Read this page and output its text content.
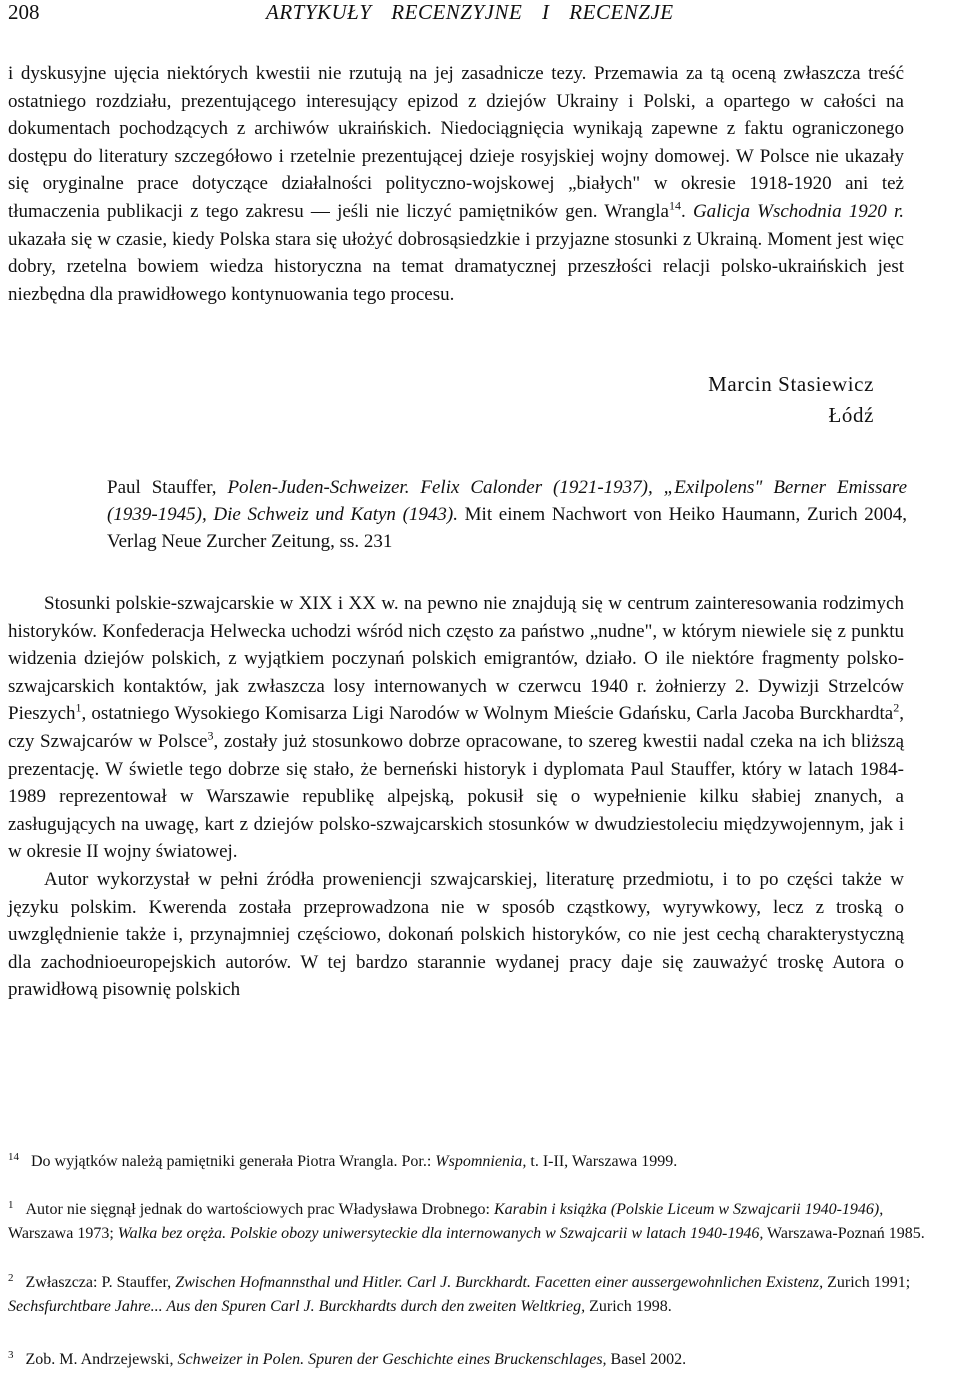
208	ARTYKUŁY RECENZYJNE I RECENZJE

i dyskusyjne ujęcia niektórych kwestii nie rzutują na jej zasadnicze tezy. Przemawia za tą oceną zwłaszcza treść ostatniego rozdziału, prezentującego interesujący epizod z dziejów Ukrainy i Polski, a opartego w całości na dokumentach pochodzących z archiwów ukraińskich. Niedociągnięcia wynikają zapewne z faktu ograniczonego dostępu do literatury szczegółowo i rzetelnie prezentującej dzieje rosyjskiej wojny domowej. W Polsce nie ukazały się oryginalne prace dotyczące działalności polityczno-wojskowej „białych" w okresie 1918-1920 ani też tłumaczenia publikacji z tego zakresu — jeśli nie liczyć pamiętników gen. Wrangla$^{14}$. Galicja Wschodnia 1920 r. ukazała się w czasie, kiedy Polska stara się ułożyć dobrosąsiedzkie i przyjazne stosunki z Ukrainą. Moment jest więc dobry, rzetelna bowiem wiedza historyczna na temat dramatycznej przeszłości relacji polsko-ukraińskich jest niezbędna dla prawidłowego kontynuowania tego procesu.

Marcin Stasiewicz
Łódź

Paul Stauffer, Polen-Juden-Schweizer. Felix Calonder (1921-1937), „Exilpolens" Berner Emissare (1939-1945), Die Schweiz und Katyn (1943). Mit einem Nachwort von Heiko Haumann, Zurich 2004, Verlag Neue Zurcher Zeitung, ss. 231

Stosunki polskie-szwajcarskie w XIX i XX w. na pewno nie znajdują się w centrum zainteresowania rodzimych historyków. Konfederacja Helwecka uchodzi wśród nich często za państwo „nudne", w którym niewiele się z punktu widzenia dziejów polskich, z wyjątkiem poczynań polskich emigrantów, działo. O ile niektóre fragmenty polsko-szwajcarskich kontaktów, jak zwłaszcza losy internowanych w czerwcu 1940 r. żołnierzy 2. Dywizji Strzelców Pieszych$^1$, ostatniego Wysokiego Komisarza Ligi Narodów w Wolnym Mieście Gdańsku, Carla Jacoba Burckhardta$^2$, czy Szwajcarów w Polsce$^3$, zostały już stosunkowo dobrze opracowane, to szereg kwestii nadal czeka na ich bliższą prezentację. W świetle tego dobrze się stało, że berneński historyk i dyplomata Paul Stauffer, który w latach 1984-1989 reprezentował w Warszawie republikę alpejską, pokusił się o wypełnienie kilku słabiej znanych, a zasługujących na uwagę, kart z dziejów polsko-szwajcarskich stosunków w dwudziestoleciu międzywojennym, jak i w okresie II wojny światowej.

Autor wykorzystał w pełni źródła proweniencji szwajcarskiej, literaturę przedmiotu, i to po części także w języku polskim. Kwerenda została przeprowadzona nie w sposób cząstkowy, wyrywkowy, lecz z troską o uwzględnienie także i, przynajmniej częściowo, dokonań polskich historyków, co nie jest cechą charakterystyczną dla zachodnioeuropejskich autorów. W tej bardzo starannie wydanej pracy daje się zauważyć troskę Autora o prawidłową pisownię polskich

$^{14}$ Do wyjątków należą pamiętniki generała Piotra Wrangla. Por.: Wspomnienia, t. I-II, Warszawa 1999.

$^1$ Autor nie sięgnął jednak do wartościowych prac Władysława Drobnego: Karabin i książka (Polskie Liceum w Szwajcarii 1940-1946), Warszawa 1973; Walka bez oręża. Polskie obozy uniwersyteckie dla internowanych w Szwajcarii w latach 1940-1946, Warszawa-Poznań 1985.

$^2$ Zwłaszcza: P. Stauffer, Zwischen Hofmannsthal und Hitler. Carl J. Burckhardt. Facetten einer aussergewohnlichen Existenz, Zurich 1991; Sechsfurchtbare Jahre... Aus den Spuren Carl J. Burckhardts durch den zweiten Weltkrieg, Zurich 1998.

$^3$ Zob. M. Andrzejewski, Schweizer in Polen. Spuren der Geschichte eines Bruckenschlages, Basel 2002.
